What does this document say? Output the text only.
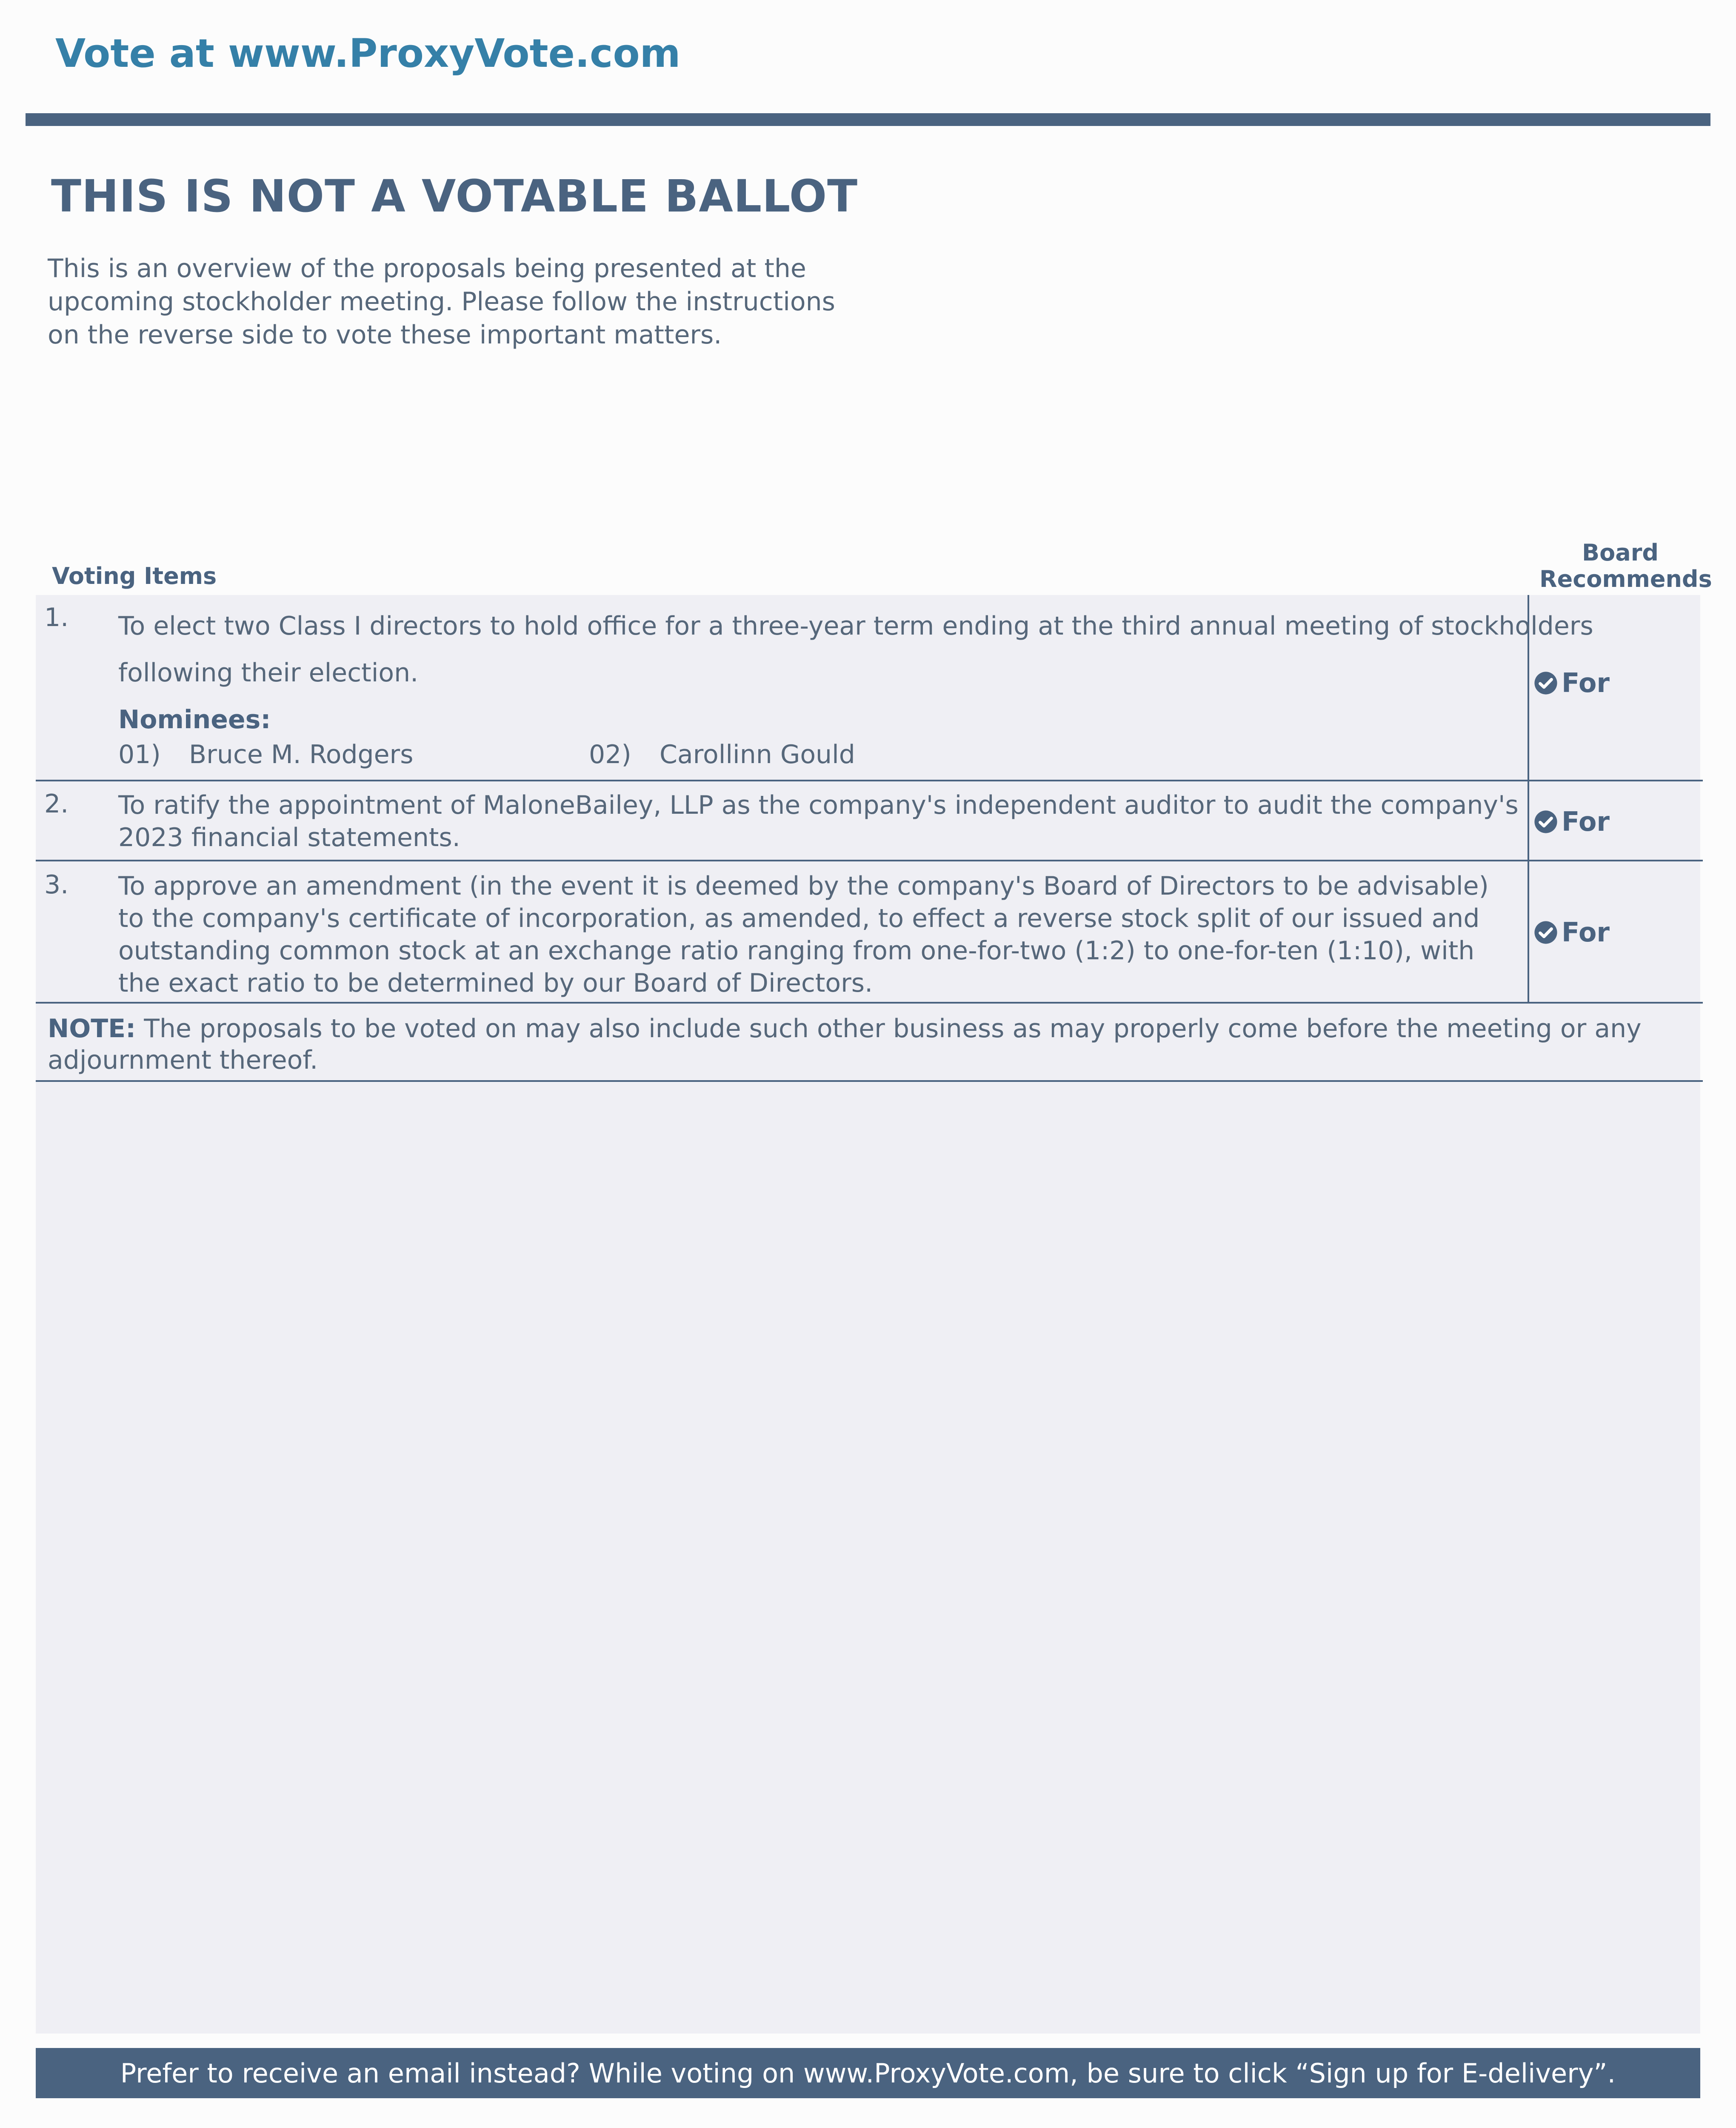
Vote at www.ProxyVote.com
THIS IS NOT A VOTABLE BALLOT
This is an overview of the proposals being presented at the upcoming stockholder meeting. Please follow the instructions on the reverse side to vote these important matters.
Voting Items
Board
Recommends
1. To elect two Class I directors to hold office for a three-year term ending at the third annual meeting of stockholders
following their election.
Nominees:
01) Bruce M. Rodgers	02) Carollinn Gould
For
2. To ratify the appointment of MaloneBailey, LLP as the company's independent auditor to audit the company's 2023 financial statements.
For
3. To approve an amendment (in the event it is deemed by the company's Board of Directors to be advisable) to the company's certificate of incorporation, as amended, to effect a reverse stock split of our issued and outstanding common stock at an exchange ratio ranging from one-for-two (1:2) to one-for-ten (1:10), with the exact ratio to be determined by our Board of Directors.
For
NOTE: The proposals to be voted on may also include such other business as may properly come before the meeting or any adjournment thereof.
Prefer to receive an email instead? While voting on www.ProxyVote.com, be sure to click “Sign up for E-delivery”.
